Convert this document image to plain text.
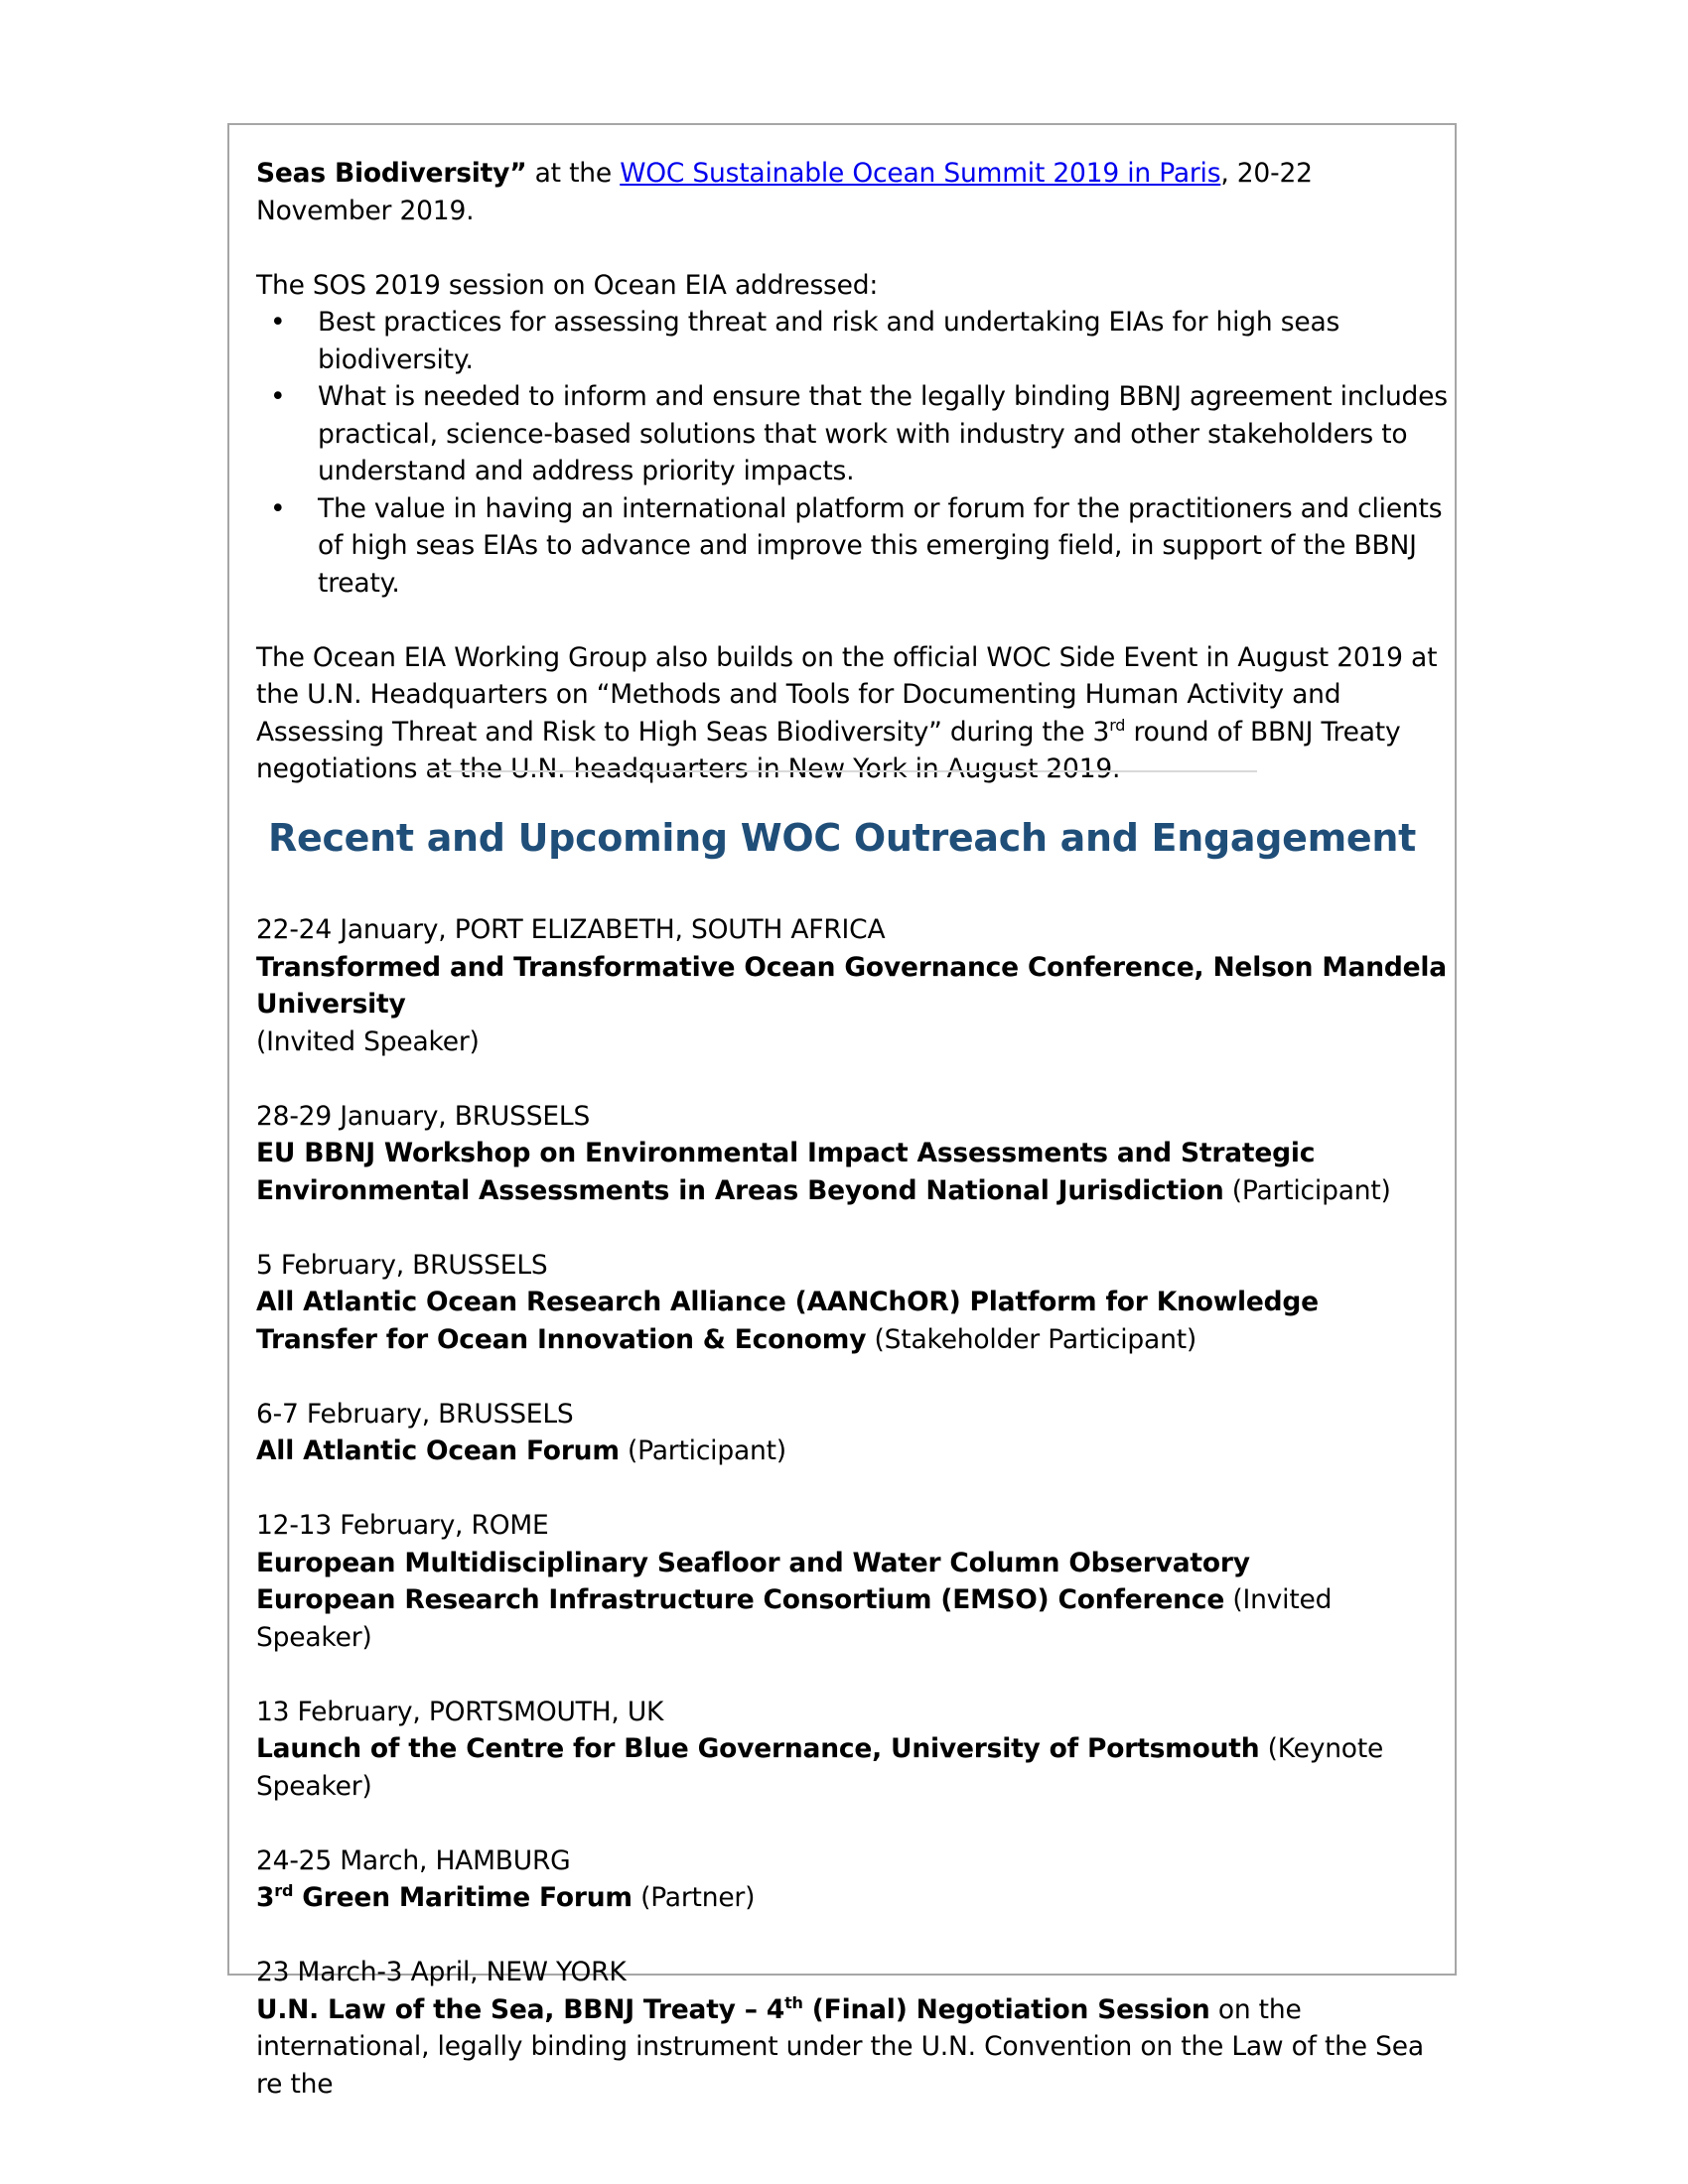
Seas Biodiversity” at the WOC Sustainable Ocean Summit 2019 in Paris, 20-22 November 2019.

The SOS 2019 session on Ocean EIA addressed:

• Best practices for assessing threat and risk and undertaking EIAs for high seas biodiversity.
• What is needed to inform and ensure that the legally binding BBNJ agreement includes practical, science-based solutions that work with industry and other stakeholders to understand and address priority impacts.
• The value in having an international platform or forum for the practitioners and clients of high seas EIAs to advance and improve this emerging field, in support of the BBNJ treaty.

The Ocean EIA Working Group also builds on the official WOC Side Event in August 2019 at the U.N. Headquarters on “Methods and Tools for Documenting Human Activity and Assessing Threat and Risk to High Seas Biodiversity” during the 3rd round of BBNJ Treaty negotiations at the U.N. headquarters in New York in August 2019.

Recent and Upcoming WOC Outreach and Engagement

22-24 January, PORT ELIZABETH, SOUTH AFRICA

Transformed and Transformative Ocean Governance Conference, Nelson Mandela University

(Invited Speaker)

28-29 January, BRUSSELS

EU BBNJ Workshop on Environmental Impact Assessments and Strategic Environmental Assessments in Areas Beyond National Jurisdiction (Participant)

5 February, BRUSSELS

All Atlantic Ocean Research Alliance (AANChOR) Platform for Knowledge Transfer for Ocean Innovation & Economy (Stakeholder Participant)

6-7 February, BRUSSELS

All Atlantic Ocean Forum (Participant)

12-13 February, ROME

European Multidisciplinary Seafloor and Water Column Observatory

European Research Infrastructure Consortium (EMSO) Conference (Invited Speaker)

13 February, PORTSMOUTH, UK

Launch of the Centre for Blue Governance, University of Portsmouth (Keynote Speaker)

24-25 March, HAMBURG

3rd Green Maritime Forum (Partner)

23 March-3 April, NEW YORK

U.N. Law of the Sea, BBNJ Treaty – 4th (Final) Negotiation Session on the international, legally binding instrument under the U.N. Convention on the Law of the Sea re the
